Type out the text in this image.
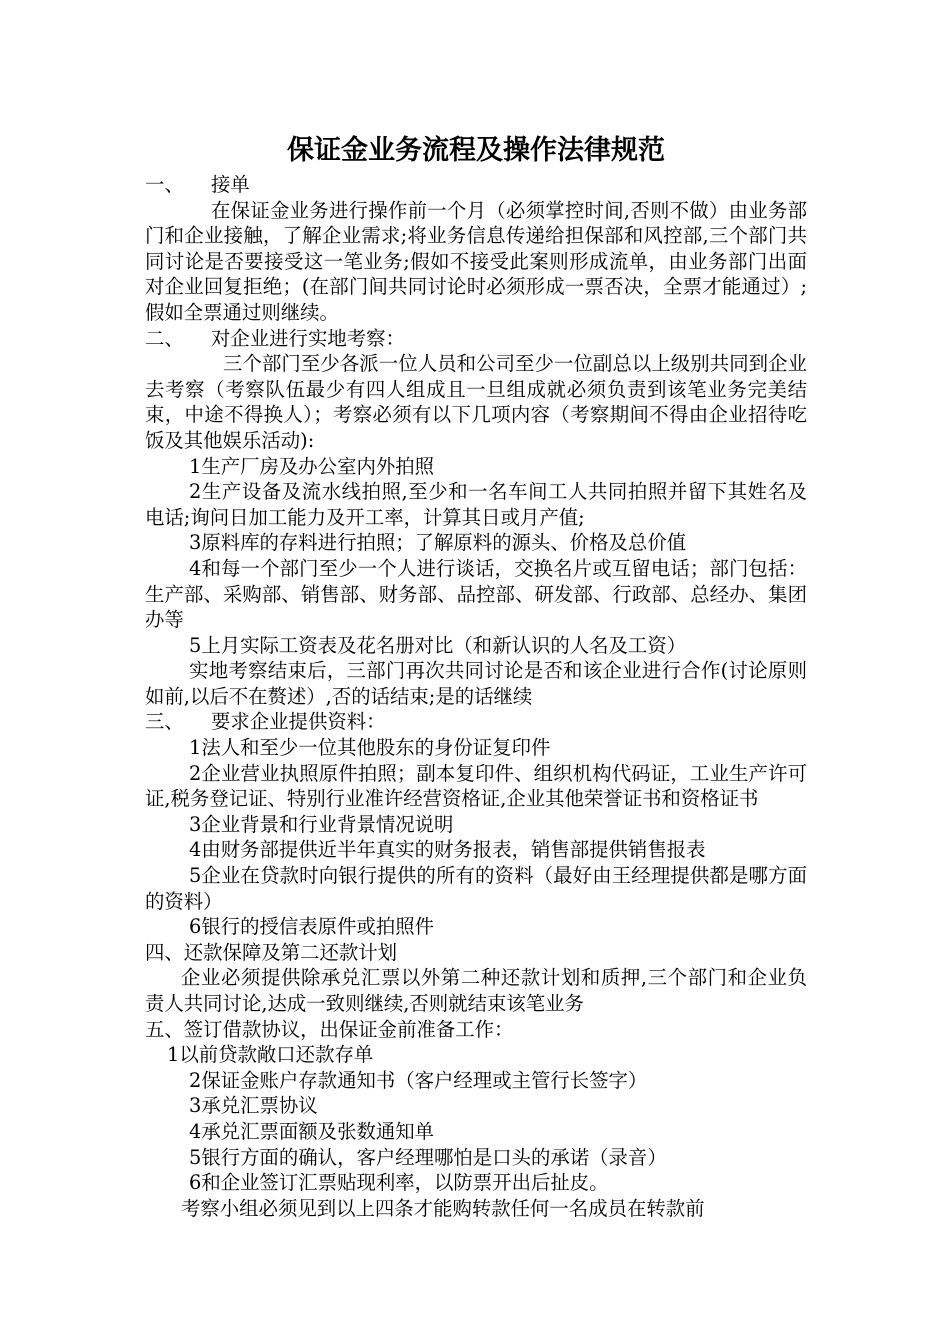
保证金业务流程及操作法律规范
一、 接单

在保证金业务进行操作前一个月（必须掌控时间,否则不做）由业务部门和企业接触，了解企业需求;将业务信息传递给担保部和风控部,三个部门共同讨论是否要接受这一笔业务;假如不接受此案则形成流单，由业务部门出面对企业回复拒绝；(在部门间共同讨论时必须形成一票否决，全票才能通过）;假如全票通过则继续。

二、 对企业进行实地考察：

三个部门至少各派一位人员和公司至少一位副总以上级别共同到企业去考察（考察队伍最少有四人组成且一旦组成就必须负责到该笔业务完美结束，中途不得换人）；考察必须有以下几项内容（考察期间不得由企业招待吃饭及其他娱乐活动):

1生产厂房及办公室内外拍照

2生产设备及流水线拍照,至少和一名车间工人共同拍照并留下其姓名及电话;询问日加工能力及开工率，计算其日或月产值;

3原料库的存料进行拍照；了解原料的源头、价格及总价值

4和每一个部门至少一个人进行谈话，交换名片或互留电话；部门包括：生产部、采购部、销售部、财务部、品控部、研发部、行政部、总经办、集团办等

5上月实际工资表及花名册对比（和新认识的人名及工资）

实地考察结束后，三部门再次共同讨论是否和该企业进行合作(讨论原则如前,以后不在赘述）,否的话结束;是的话继续

三、 要求企业提供资料：

1法人和至少一位其他股东的身份证复印件

2企业营业执照原件拍照；副本复印件、组织机构代码证，工业生产许可证,税务登记证、特别行业准许经营资格证,企业其他荣誉证书和资格证书

3企业背景和行业背景情况说明

4由财务部提供近半年真实的财务报表，销售部提供销售报表

5企业在贷款时向银行提供的所有的资料（最好由王经理提供都是哪方面的资料）

6银行的授信表原件或拍照件

四、还款保障及第二还款计划

企业必须提供除承兑汇票以外第二种还款计划和质押,三个部门和企业负责人共同讨论,达成一致则继续,否则就结束该笔业务

五、签订借款协议，出保证金前准备工作：

1以前贷款敞口还款存单

2保证金账户存款通知书（客户经理或主管行长签字）

3承兑汇票协议

4承兑汇票面额及张数通知单

5银行方面的确认，客户经理哪怕是口头的承诺（录音）

6和企业签订汇票贴现利率，以防票开出后扯皮。

考察小组必须见到以上四条才能购转款任何一名成员在转款前
